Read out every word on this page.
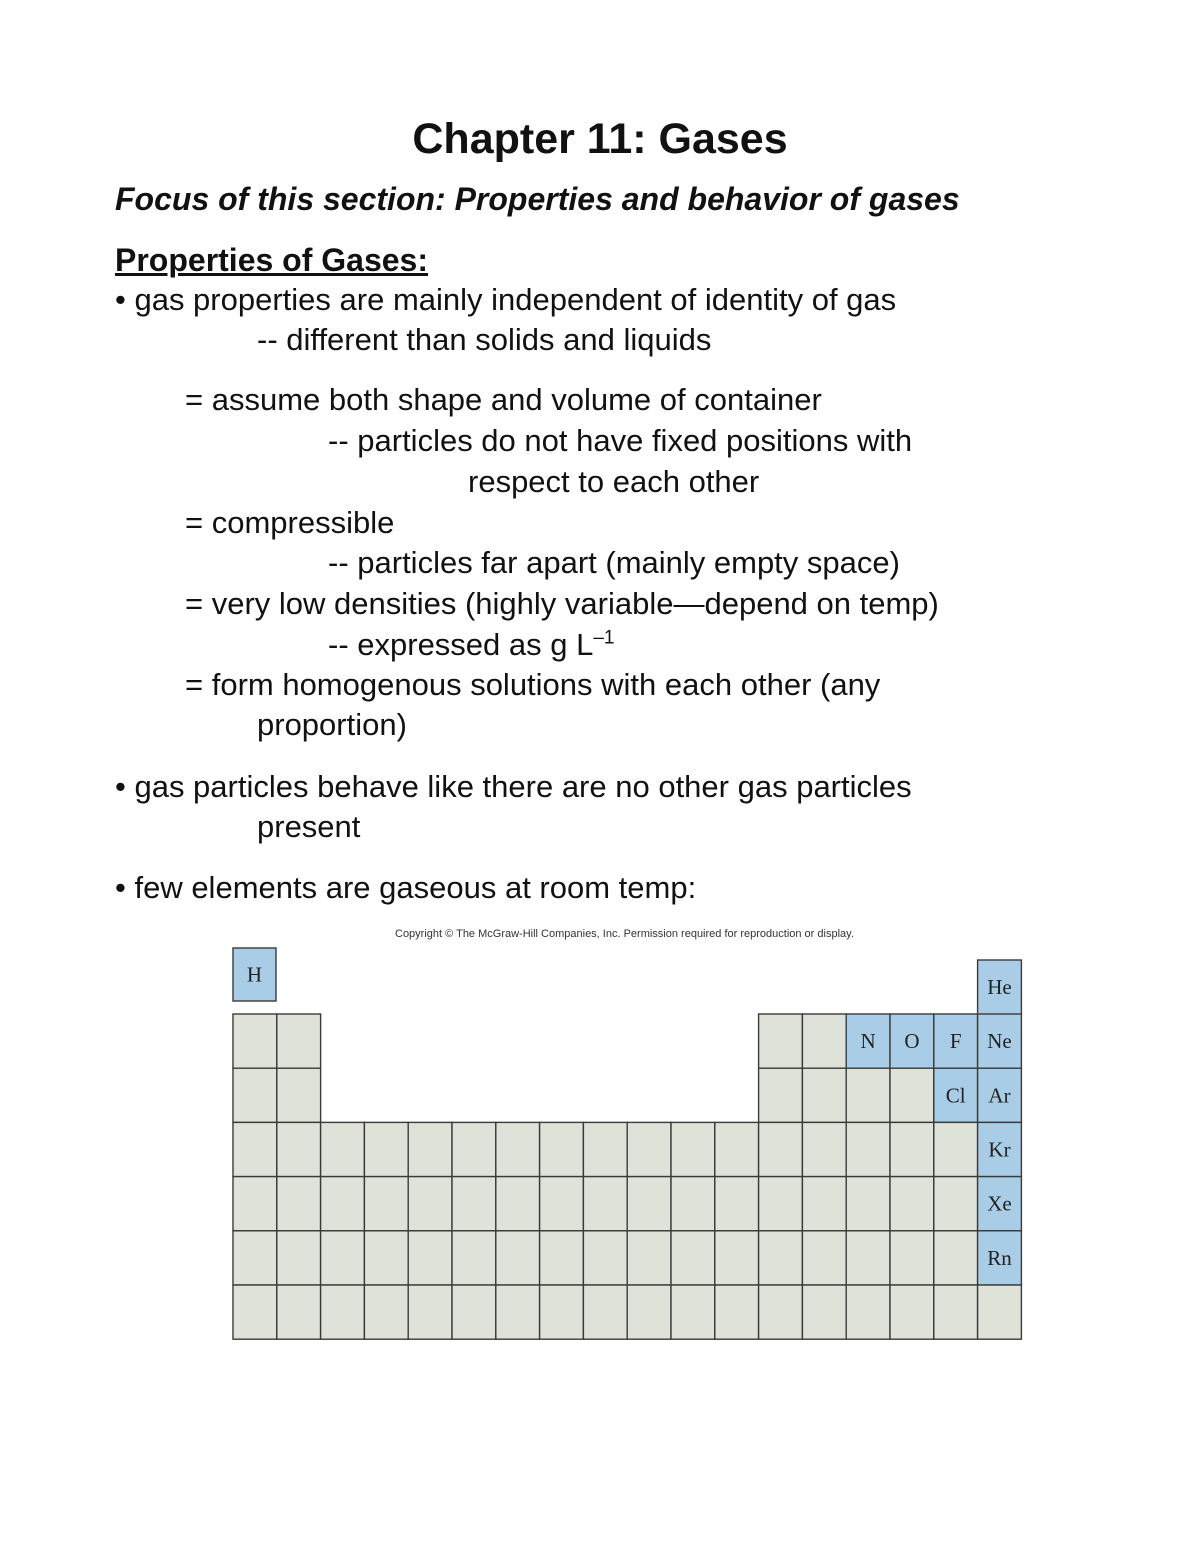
Chapter 11: Gases
Focus of this section: Properties and behavior of gases
Properties of Gases:
• gas properties are mainly independent of identity of gas
-- different than solids and liquids
= assume both shape and volume of container
-- particles do not have fixed positions with
respect to each other
= compressible
-- particles far apart (mainly empty space)
= very low densities (highly variable—depend on temp)
-- expressed as g $L^{-1}$
= form homogenous solutions with each other (any
proportion)
• gas particles behave like there are no other gas particles
present
• few elements are gaseous at room temp:
Copyright © The McGraw-Hill Companies, Inc. Permission required for reproduction or display.
H
He
N O F Ne
Cl Ar
Kr
Xe
Rn
